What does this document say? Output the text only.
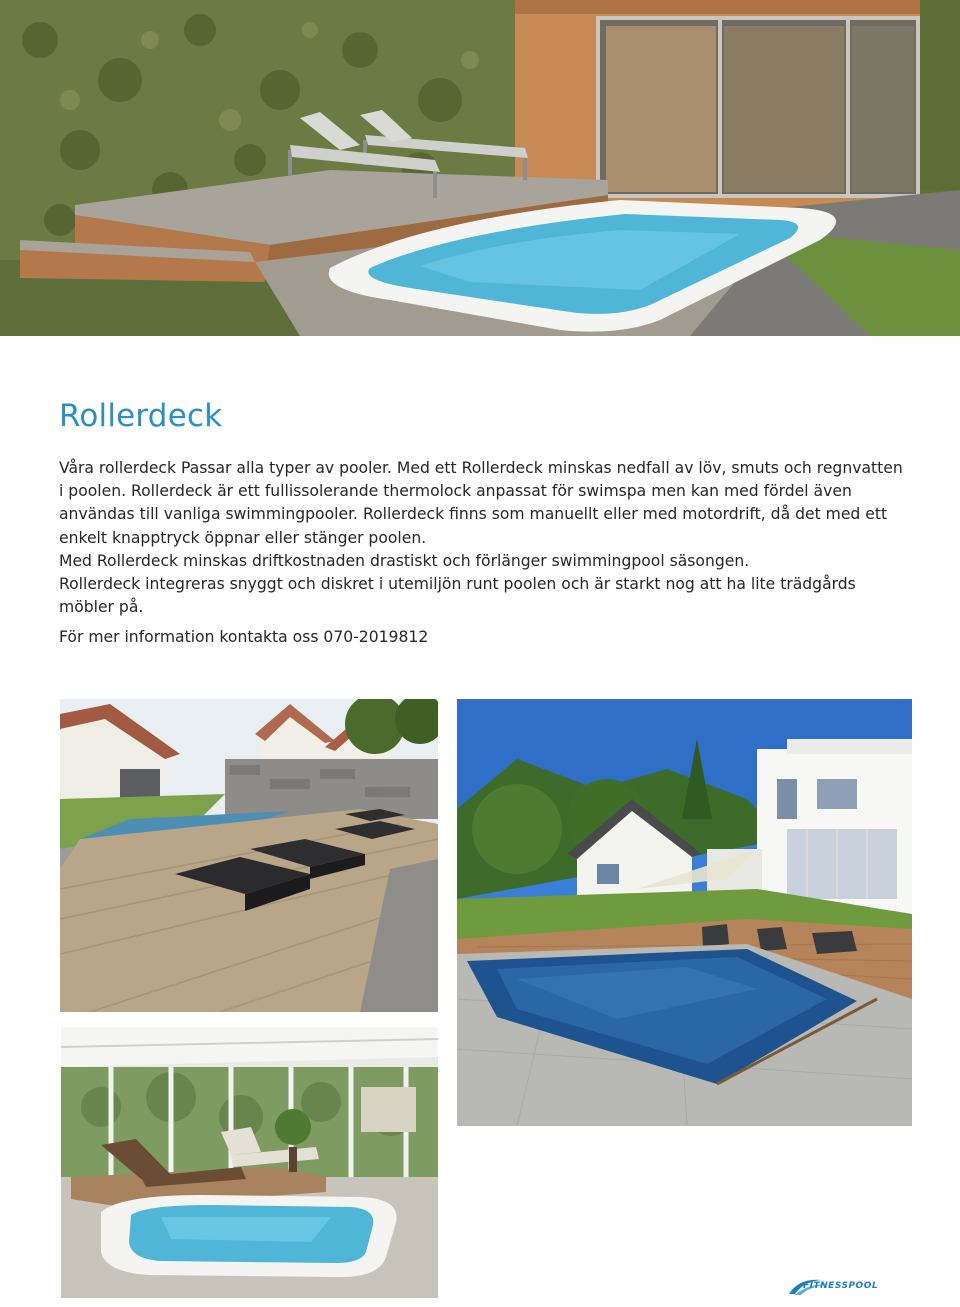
Rollerdeck

Våra rollerdeck Passar alla typer av pooler. Med ett Rollerdeck minskas nedfall av löv, smuts och regnvatten i poolen. Rollerdeck är ett fullissolerande thermolock anpassat för swimspa men kan med fördel även användas till vanliga swimmingpooler. Rollerdeck finns som manuellt eller med motordrift, då det med ett enkelt knapptryck öppnar eller stänger poolen.

Med Rollerdeck minskas driftkostnaden drastiskt och förlänger swimmingpool säsongen.

Rollerdeck integreras snyggt och diskret i utemiljön runt poolen och är starkt nog att ha lite trädgårds möbler på.

För mer information kontakta oss 070-2019812

FITNESSPOOL
